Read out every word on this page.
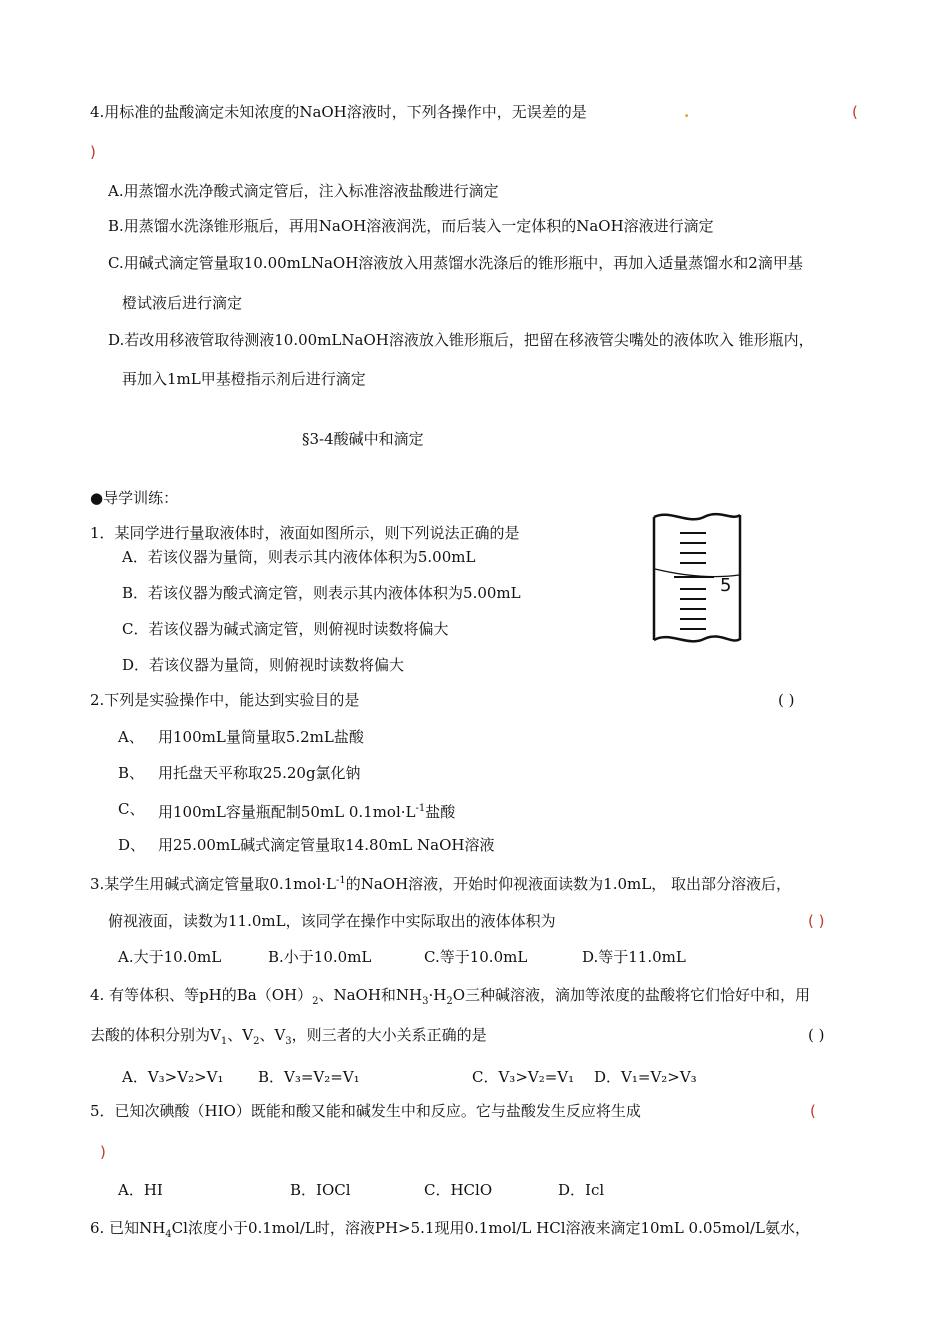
4.用标准的盐酸滴定未知浓度的NaOH溶液时，下列各操作中，无误差的是	.	(
)
A.用蒸馏水洗净酸式滴定管后，注入标准溶液盐酸进行滴定
B.用蒸馏水洗涤锥形瓶后，再用NaOH溶液润洗，而后装入一定体积的NaOH溶液进行滴定
C.用碱式滴定管量取10.00mLNaOH溶液放入用蒸馏水洗涤后的锥形瓶中，再加入适量蒸馏水和2滴甲基
橙试液后进行滴定
D.若改用移液管取待测液10.00mLNaOH溶液放入锥形瓶后，把留在移液管尖嘴处的液体吹入 锥形瓶内，
再加入1mL甲基橙指示剂后进行滴定
§3-4酸碱中和滴定
●导学训练：
1．某同学进行量取液体时，液面如图所示，则下列说法正确的是
A．若该仪器为量筒，则表示其内液体体积为5.00mL
B．若该仪器为酸式滴定管，则表示其内液体体积为5.00mL
C．若该仪器为碱式滴定管，则俯视时读数将偏大
D．若该仪器为量筒，则俯视时读数将偏大
5
2.下列是实验操作中，能达到实验目的是	( )
A、 用100mL量筒量取5.2mL盐酸
B、 用托盘天平称取25.20g氯化钠
C、 用100mL容量瓶配制50mL $0.1mol\cdot L^{-1}$盐酸
D、 用25.00mL碱式滴定管量取14.80mL NaOH溶液
3.某学生用碱式滴定管量取$0.1mol\cdot L^{-1}$的NaOH溶液，开始时仰视液面读数为1.0mL， 取出部分溶液后，
俯视液面，读数为11.0mL，该同学在操作中实际取出的液体体积为	( )
A.大于10.0mL	B.小于10.0mL	C.等于10.0mL	D.等于11.0mL
4. 有等体积、等pH的$Ba(OH)_2$、NaOH和$NH_3\cdot H_2O$三种碱溶液，滴加等浓度的盐酸将它们恰好中和，用
去酸的体积分别为$V_1$、$V_2$、$V_3$，则三者的大小关系正确的是	( )
A．V₃>V₂>V₁ B．V₃=V₂=V₁	C．V₃>V₂=V₁ D．V₁=V₂>V₃
5．已知次碘酸（HIO）既能和酸又能和碱发生中和反应。它与盐酸发生反应将生成	(
)
A．HI	B．IOCl	C．HClO	D．Icl
6. 已知$NH_4Cl$浓度小于0.1mol/L时，溶液PH>5.1现用0.1mol/L HCl溶液来滴定10mL 0.05mol/L氨水，
